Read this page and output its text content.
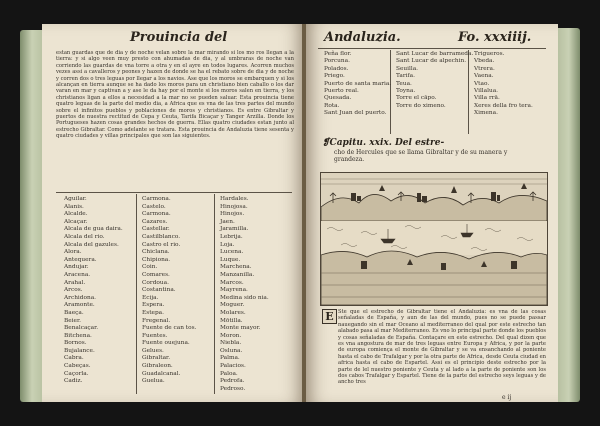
Prouincia del
estan guardas que de dia y de noche velan sobre la mar mirando si los mo ros llegan a la tierra: y si algo veen muy presto con ahumadas de dia, y al umbraras de noche van corriendo las guardas de vna torre a otra y en el ayre en todos lugares. Acorren muchos vezes assi a cavalleros y peones y hazen de donde se ha el rebato sobre de dia y de noche y corren dos o tres leguas por llegar a los navios. Ase que los moros se embarquen y si los alcançan en tierra aunque se ha dado los moros para un christiano bien caballo o los dar varan en mar y captivan a y ase le da hay por el monte si los moros salen en tierra, y los christianos ligan a ellos a necesidad a la mar no se pueden saluar. Esta prouincia tiene quatro leguas de la parte del medio dia, a Africa que es vna de las tres partes del mundo sobre el infinitos pueblos y poblaciones de moros y christianos. Es entre Gibraltar y puertos de nuestra rectitud de Cepa y Ceuta, Tarifa Bicaçar y Tanger Arzilla. Donde los Portugueses hazen cosas grandes hechos de guerra. Ellas quatro ciudades estan junto al estrecho Gibraltar. Como adelante se tratara. Esta prouincia de Andaluzia tiene sesenta y quatro ciudades y villas principales que son las siguientes.
Aguilar.
Alanis.
Alcalde.
Alcaçar.
Alcala de gua daira.
Alcala del rio.
Alcala del gazules.
Alora.
Antequera.
Andujar.
Aracena.
Arahal.
Arcos.
Archidona.
Aramonte.
Baeça.
Beier.
Benalcaçar.
Bitchena.
Bornos.
Bujalance.
Cabra.
Cabeças.
Caçorla.
Cadiz.
Carmona.
Castelo.
Carmona.
Cazares.
Castellar.
Castilblanco.
Castro el rio.
Chiclana.
Chipiona.
Coin.
Comares.
Cordoua.
Costantina.
Ecija.
Espera.
Estepa.
Fregenal.
Fuente de can tos.
Fuentes.
Fuente ouejuna.
Gelues.
Gibraltar.
Gibraleon.
Guadalcanal.
Guelua.
Hardales.
Hinojosa.
Hinojos.
Jaen.
Jaramilla.
Lebrija.
Loja.
Lucena.
Luque.
Marchena.
Manzanilla.
Marcos.
Mayrena.
Medina sido nia.
Moguer.
Molares.
Mōtilla.
Monte mayor.
Moron.
Niebla.
Osluna.
Palma.
Palacios.
Paloa.
Pedrofa.
Pedroso.
Andaluzia.	Fo. xxxiiij.
Peña flor.
Porcuna.
Polados.
Priego.
Puerto de santa maria.
Puerto real.
Quesada.
Rota.
Sant Juan del puerto.
Sant Lucar de barrameda.
Sant Lucar de alpechin.
Seuilla.
Tarifa.
Teua.
Toyna.
Torre el cāpo.
Torre do ximeno.
Trigueros.
Vbeda.
Vtrera.
Vaena.
Vtao.
Villalua.
Villa rrā.
Xeres della fro tera.
Ximena.
❡Capitu. xxix. Del estre-
cho de Hercules que se llama Gibraltar y de su manera y grandeza.
E Ste que el estrecho de Gibraltar tiene el Andaluzia: es vna de las cosas señaladas de España, y aun de las del mundo, pues no se puede passar nauegando sin el mar Oceano al mediterraneo del qual por este estrecho tan alabado pasa al mar Mediterraneo. Es vno lo principal parte donde los pueblos y cosas señaladas de España. Contaçare en este estrecho. Del qual dizen que es vna angostura de mar de tres leguas entre Europa y Africa, y por la parte de europa comiença el monte de Gibraltar y se va ensanchando al poniente hasta el cabo de Trafalgar y por la otra parte de Africa, desde Ceuta ciudad en africa hasta el cabo de Espartel. Assi es el principio deste estrecho por la parte de lel nuestro poniente y Ceuta y al lado a la parte de poniente son los dos cabos Trafalgar y Espartel. Tiene de la parte del estrecho seys leguas y de ancho tres
e ij
